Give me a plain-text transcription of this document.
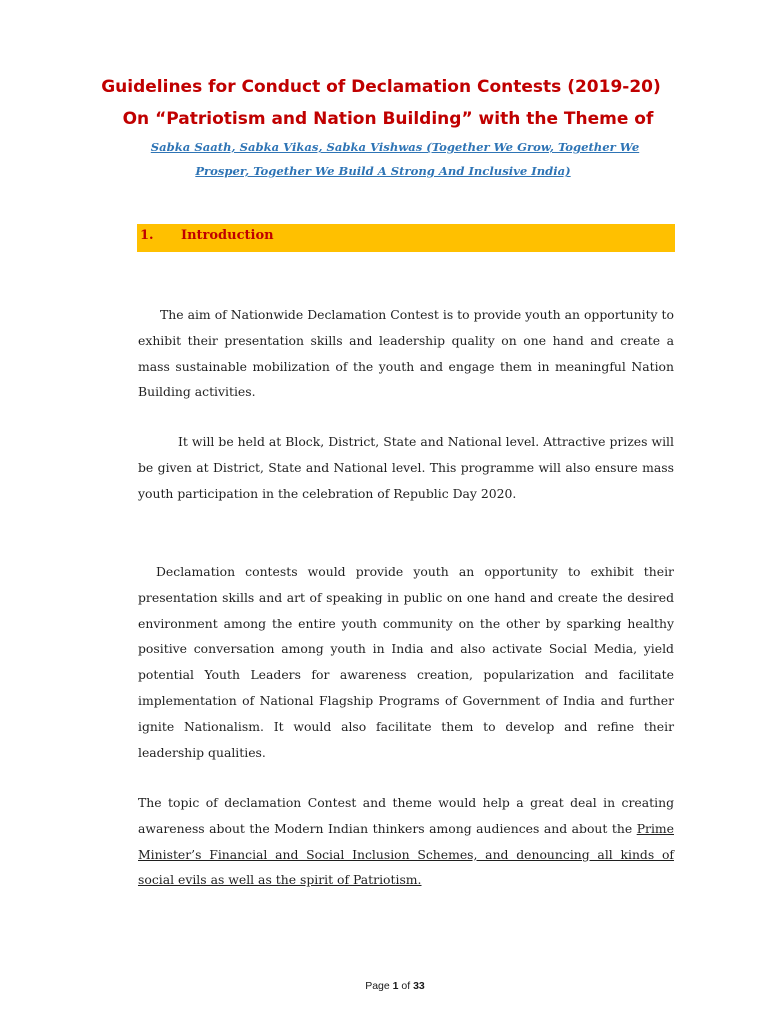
Guidelines for Conduct of Declamation Contests (2019-20)
On “Patriotism and Nation Building” with the Theme of

Sabka Saath, Sabka Vikas, Sabka Vishwas (Together We Grow, Together We

Prosper, Together We Build A Strong And Inclusive India)

1. Introduction

The aim of Nationwide Declamation Contest is to provide youth an opportunity to exhibit their presentation skills and leadership quality on one hand and create a mass sustainable mobilization of the youth and engage them in meaningful Nation Building activities.

It will be held at Block, District, State and National level. Attractive prizes will be given at District, State and National level. This programme will also ensure mass youth participation in the celebration of Republic Day 2020.

Declamation contests would provide youth an opportunity to exhibit their presentation skills and art of speaking in public on one hand and create the desired environment among the entire youth community on the other by sparking healthy positive conversation among youth in India and also activate Social Media, yield potential Youth Leaders for awareness creation, popularization and facilitate implementation of National Flagship Programs of Government of India and further ignite Nationalism. It would also facilitate them to develop and refine their leadership qualities.

The topic of declamation Contest and theme would help a great deal in creating awareness about the Modern Indian thinkers among audiences and about the Prime Minister’s Financial and Social Inclusion Schemes, and denouncing all kinds of social evils as well as the spirit of Patriotism.

Page 1 of 33
